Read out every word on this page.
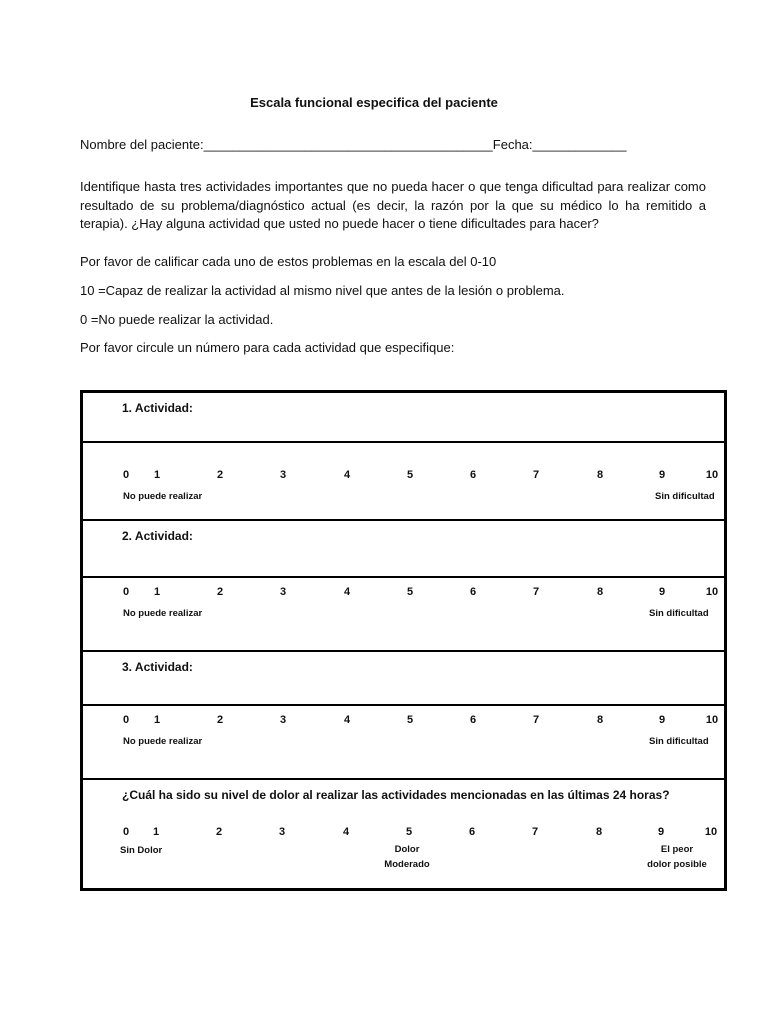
Escala funcional especifica del paciente
Nombre del paciente:________________________________________Fecha:_____________
Identifique hasta tres actividades importantes que no pueda hacer o que tenga dificultad para realizar como resultado de su problema/diagnóstico actual (es decir, la razón por la que su médico lo ha remitido a terapia). ¿Hay alguna actividad que usted no puede hacer o tiene dificultades para hacer?
Por favor de calificar cada uno de estos problemas en la escala del 0-10
10 =Capaz de realizar la actividad al mismo nivel que antes de la lesión o problema.
0 =No puede realizar la actividad.
Por favor circule un número para cada actividad que especifique:
1. Actividad:
0	1	2	3	4	5	6	7	8	9	10
No puede realizar	Sin dificultad
2. Actividad:
0	1	2	3	4	5	6	7	8	9	10
No puede realizar	Sin dificultad
3. Actividad:
0	1	2	3	4	5	6	7	8	9	10
No puede realizar	Sin dificultad
¿Cuál ha sido su nivel de dolor al realizar las actividades mencionadas en las últimas 24 horas?
0	1	2	3	4	5	6	7	8	9	10
Sin Dolor	Dolor
Moderado
El peor
dolor posible
